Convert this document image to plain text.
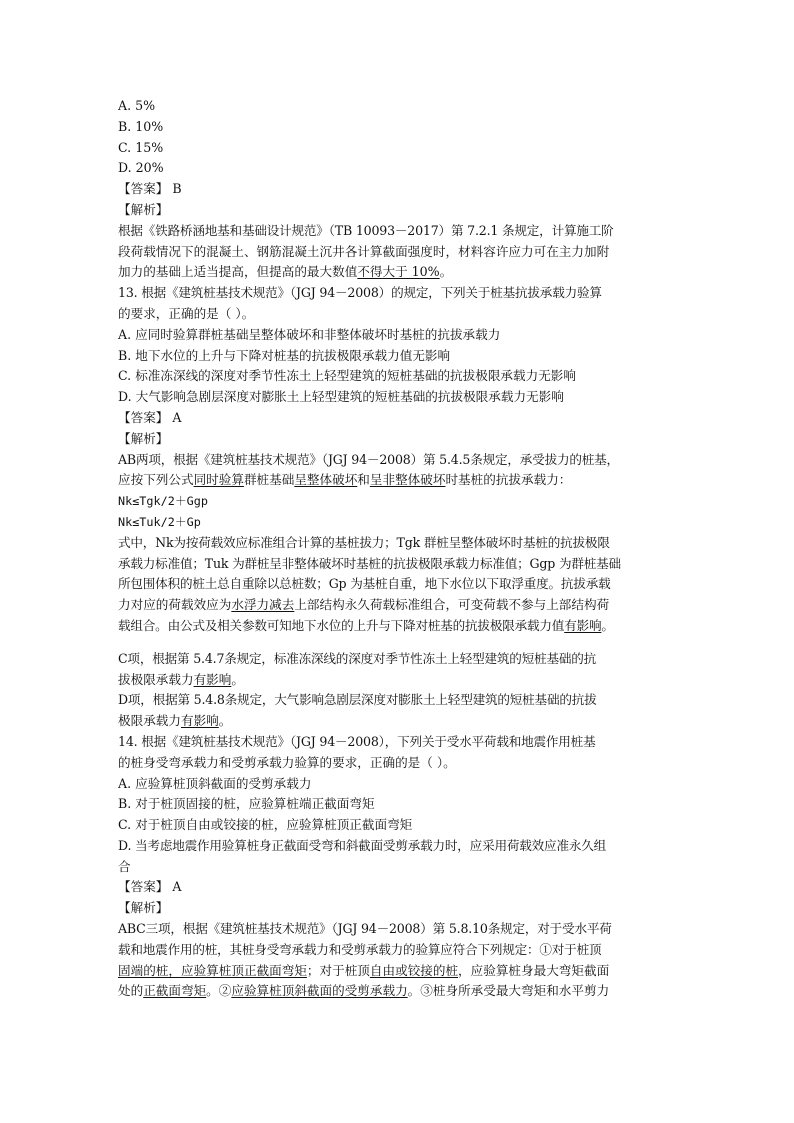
A. 5%
B. 10%
C. 15%
D. 20%
【答案】 B
【解析】
根据《铁路桥涵地基和基础设计规范》（TB 10093－2017）第 7.2.1 条规定，计算施工阶
段荷载情况下的混凝土、钢筋混凝土沉井各计算截面强度时，材料容许应力可在主力加附
加力的基础上适当提高，但提高的最大数值不得大于 10%。
13. 根据《建筑桩基技术规范》（JGJ 94－2008）的规定，下列关于桩基抗拔承载力验算
的要求，正确的是（ ）。
A. 应同时验算群桩基础呈整体破坏和非整体破坏时基桩的抗拔承载力
B. 地下水位的上升与下降对桩基的抗拔极限承载力值无影响
C. 标准冻深线的深度对季节性冻土上轻型建筑的短桩基础的抗拔极限承载力无影响
D. 大气影响急剧层深度对膨胀土上轻型建筑的短桩基础的抗拔极限承载力无影响
【答案】 A
【解析】
AB两项，根据《建筑桩基技术规范》（JGJ 94－2008）第 5.4.5条规定，承受拔力的桩基，
应按下列公式同时验算群桩基础呈整体破坏和呈非整体破坏时基桩的抗拔承载力：
Nk≤Tgk/2＋Ggp
Nk≤Tuk/2＋Gp
式中，Nk为按荷载效应标准组合计算的基桩拔力；Tgk 群桩呈整体破坏时基桩的抗拔极限
承载力标准值；Tuk 为群桩呈非整体破坏时基桩的抗拔极限承载力标准值；Ggp 为群桩基础
所包围体积的桩土总自重除以总桩数；Gp 为基桩自重，地下水位以下取浮重度。抗拔承载
力对应的荷载效应为水浮力减去上部结构永久荷载标准组合，可变荷载不参与上部结构荷
载组合。由公式及相关参数可知地下水位的上升与下降对桩基的抗拔极限承载力值有影响。
C项，根据第 5.4.7条规定，标准冻深线的深度对季节性冻土上轻型建筑的短桩基础的抗
拔极限承载力有影响。
D项，根据第 5.4.8条规定，大气影响急剧层深度对膨胀土上轻型建筑的短桩基础的抗拔
极限承载力有影响。
14. 根据《建筑桩基技术规范》（JGJ 94－2008），下列关于受水平荷载和地震作用桩基
的桩身受弯承载力和受剪承载力验算的要求，正确的是（ ）。
A. 应验算桩顶斜截面的受剪承载力
B. 对于桩顶固接的桩，应验算桩端正截面弯矩
C. 对于桩顶自由或铰接的桩，应验算桩顶正截面弯矩
D. 当考虑地震作用验算桩身正截面受弯和斜截面受剪承载力时，应采用荷载效应准永久组
合
【答案】 A
【解析】
ABC三项，根据《建筑桩基技术规范》（JGJ 94－2008）第 5.8.10条规定，对于受水平荷
载和地震作用的桩，其桩身受弯承载力和受剪承载力的验算应符合下列规定：①对于桩顶
固端的桩，应验算桩顶正截面弯矩；对于桩顶自由或铰接的桩，应验算桩身最大弯矩截面
处的正截面弯矩。②应验算桩顶斜截面的受剪承载力。③桩身所承受最大弯矩和水平剪力
